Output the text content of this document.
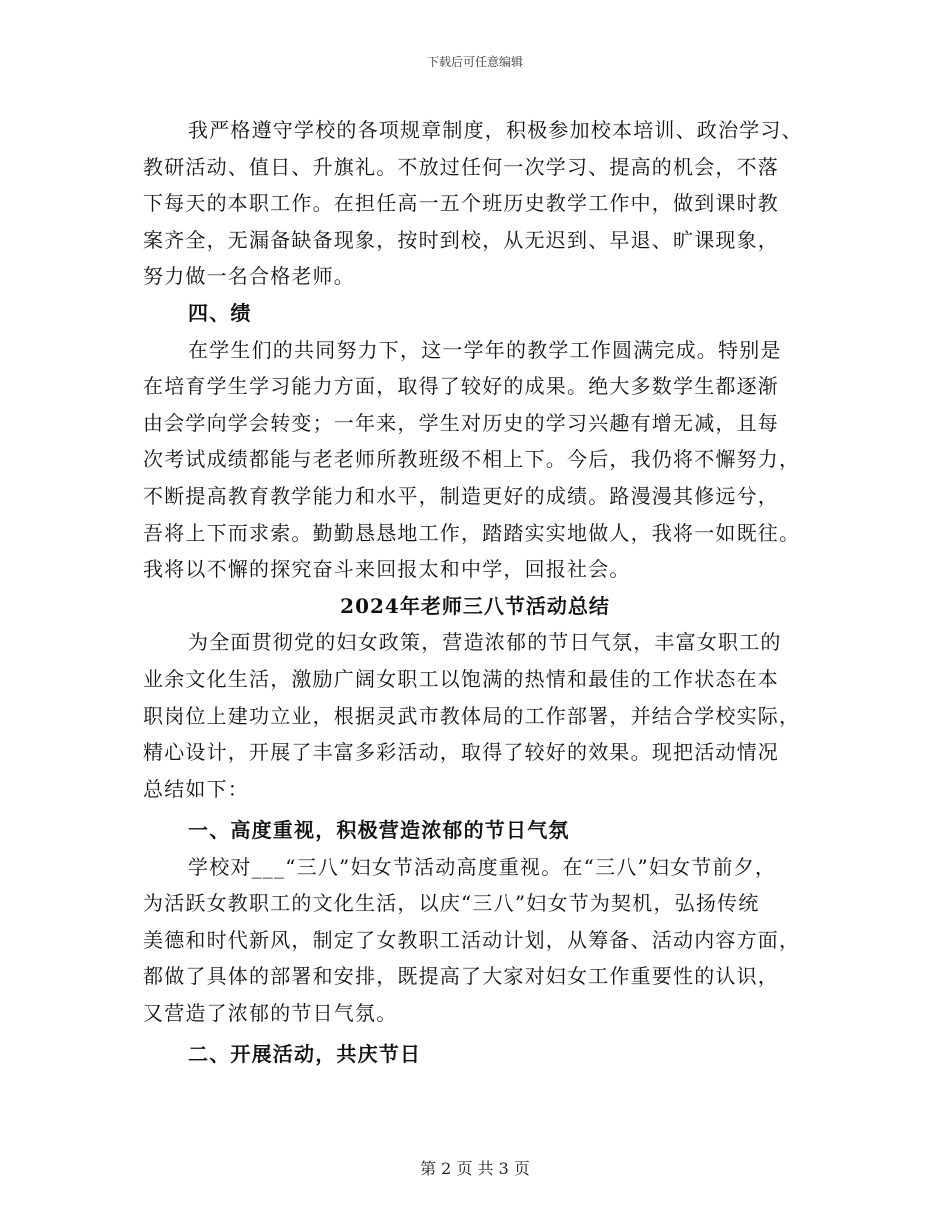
下载后可任意编辑
我严格遵守学校的各项规章制度，积极参加校本培训、政治学习、
教研活动、值日、升旗礼。不放过任何一次学习、提高的机会，不落
下每天的本职工作。在担任高一五个班历史教学工作中，做到课时教
案齐全，无漏备缺备现象，按时到校，从无迟到、早退、旷课现象，
努力做一名合格老师。
四、绩
在学生们的共同努力下，这一学年的教学工作圆满完成。特别是
在培育学生学习能力方面，取得了较好的成果。绝大多数学生都逐渐
由会学向学会转变；一年来，学生对历史的学习兴趣有增无减，且每
次考试成绩都能与老老师所教班级不相上下。今后，我仍将不懈努力，
不断提高教育教学能力和水平，制造更好的成绩。路漫漫其修远兮，
吾将上下而求索。勤勤恳恳地工作，踏踏实实地做人，我将一如既往。
我将以不懈的探究奋斗来回报太和中学，回报社会。
2024年老师三八节活动总结
为全面贯彻党的妇女政策，营造浓郁的节日气氛，丰富女职工的
业余文化生活，激励广阔女职工以饱满的热情和最佳的工作状态在本
职岗位上建功立业，根据灵武市教体局的工作部署，并结合学校实际，
精心设计，开展了丰富多彩活动，取得了较好的效果。现把活动情况
总结如下：
一、高度重视，积极营造浓郁的节日气氛
学校对___“三八”妇女节活动高度重视。在“三八”妇女节前夕，
为活跃女教职工的文化生活，以庆“三八”妇女节为契机，弘扬传统
美德和时代新风，制定了女教职工活动计划，从筹备、活动内容方面，
都做了具体的部署和安排，既提高了大家对妇女工作重要性的认识，
又营造了浓郁的节日气氛。
二、开展活动，共庆节日
第 2 页 共 3 页
